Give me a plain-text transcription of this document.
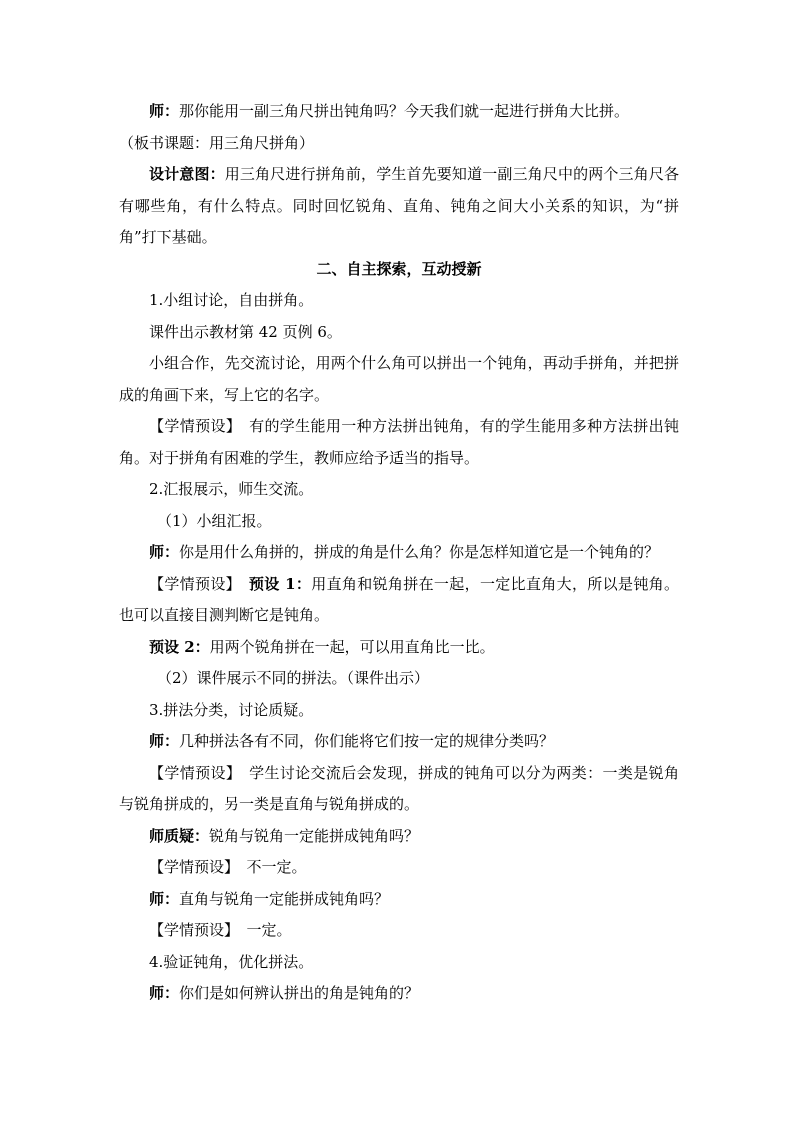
师：那你能用一副三角尺拼出钝角吗？今天我们就一起进行拼角大比拼。

（板书课题：用三角尺拼角）

设计意图：用三角尺进行拼角前，学生首先要知道一副三角尺中的两个三角尺各有哪些角，有什么特点。同时回忆锐角、直角、钝角之间大小关系的知识，为“拼角”打下基础。

二、自主探索，互动授新

1.小组讨论，自由拼角。

课件出示教材第 42 页例 6。

小组合作，先交流讨论，用两个什么角可以拼出一个钝角，再动手拼角，并把拼成的角画下来，写上它的名字。

【学情预设】　有的学生能用一种方法拼出钝角，有的学生能用多种方法拼出钝角。对于拼角有困难的学生，教师应给予适当的指导。

2.汇报展示，师生交流。

（1）小组汇报。

师：你是用什么角拼的，拼成的角是什么角？你是怎样知道它是一个钝角的？

【学情预设】　预设 1：用直角和锐角拼在一起，一定比直角大，所以是钝角。也可以直接目测判断它是钝角。

预设 2：用两个锐角拼在一起，可以用直角比一比。

（2）课件展示不同的拼法。（课件出示）

3.拼法分类，讨论质疑。

师：几种拼法各有不同，你们能将它们按一定的规律分类吗？

【学情预设】　学生讨论交流后会发现，拼成的钝角可以分为两类：一类是锐角与锐角拼成的，另一类是直角与锐角拼成的。

师质疑：锐角与锐角一定能拼成钝角吗？

【学情预设】　不一定。

师：直角与锐角一定能拼成钝角吗？

【学情预设】　一定。

4.验证钝角，优化拼法。

师：你们是如何辨认拼出的角是钝角的？
